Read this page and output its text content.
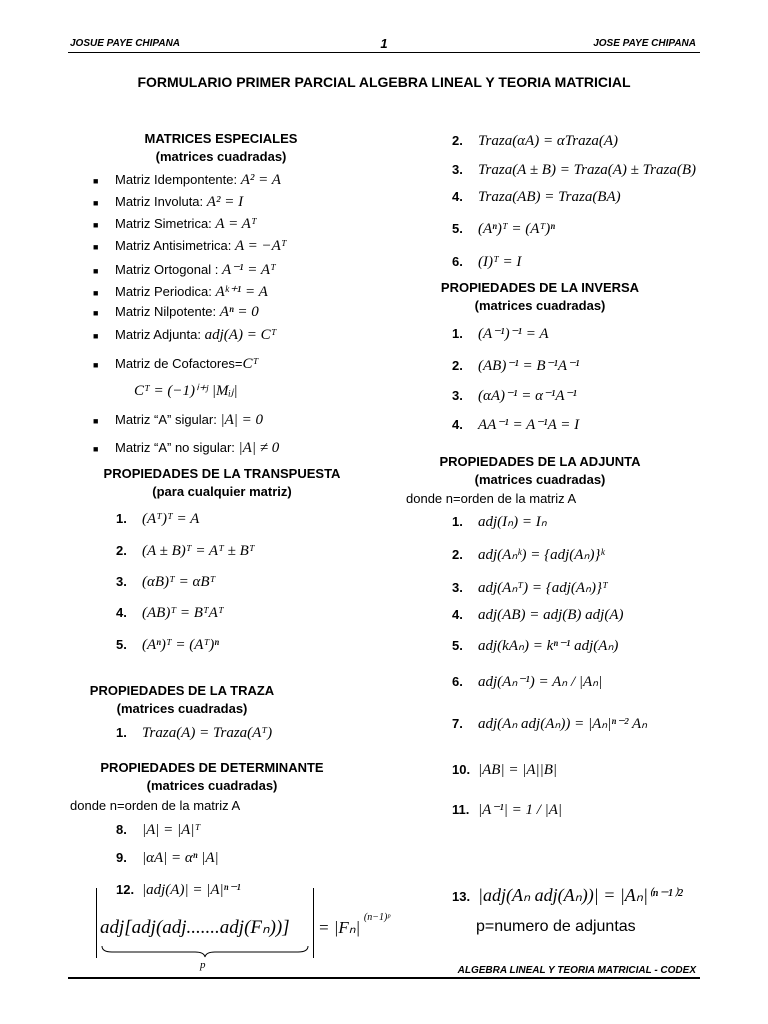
JOSUE PAYE CHIPANA	1	JOSE PAYE CHIPANA
FORMULARIO PRIMER PARCIAL ALGEBRA LINEAL Y TEORIA MATRICIAL
MATRICES ESPECIALES
(matrices cuadradas)
■ Matriz Idempontente: A² = A
■ Matriz Involuta: A² = I
■ Matriz Simetrica: A = Aᵀ
■ Matriz Antisimetrica: A = −Aᵀ
■ Matriz Ortogonal : A⁻¹ = Aᵀ
■ Matriz Periodica: Aᵏ⁺¹ = A
■ Matriz Nilpotente: Aⁿ = 0
■ Matriz Adjunta: adj(A) = Cᵀ
■ Matriz de Cofactores=Cᵀ
Cᵀ = (−1)ⁱ⁺ʲ |Mᵢⱼ|
■ Matriz “A” sigular: |A| = 0
■ Matriz “A” no sigular: |A| ≠ 0
PROPIEDADES DE LA TRANSPUESTA
(para cualquier matriz)
1. (Aᵀ)ᵀ = A
2. (A ± B)ᵀ = Aᵀ ± Bᵀ
3. (αB)ᵀ = αBᵀ
4. (AB)ᵀ = BᵀAᵀ
5. (Aⁿ)ᵀ = (Aᵀ)ⁿ
PROPIEDADES DE LA TRAZA
(matrices cuadradas)
1. Traza(A) = Traza(Aᵀ)
PROPIEDADES DE DETERMINANTE
(matrices cuadradas)
donde n=orden de la matriz A
8. |A| = |A|ᵀ
9. |αA| = αⁿ |A|
12. |adj(A)| = |A|ⁿ⁻¹
adj[adj(adj.......adj(Fₙ))] = |Fₙ| $^{(n-1)ᵖ}$
p
2. Traza(αA) = αTraza(A)
3. Traza(A ± B) = Traza(A) ± Traza(B)
4. Traza(AB) = Traza(BA)
5. (Aⁿ)ᵀ = (Aᵀ)ⁿ
6. (I)ᵀ = I
PROPIEDADES DE LA INVERSA
(matrices cuadradas)
1. (A⁻¹)⁻¹ = A
2. (AB)⁻¹ = B⁻¹A⁻¹
3. (αA)⁻¹ = α⁻¹A⁻¹
4. AA⁻¹ = A⁻¹A = I
PROPIEDADES DE LA ADJUNTA
(matrices cuadradas)
donde n=orden de la matriz A
1. adj(Iₙ) = Iₙ
2. adj(Aₙᵏ) = {adj(Aₙ)}ᵏ
3. adj(Aₙᵀ) = {adj(Aₙ)}ᵀ
4. adj(AB) = adj(B) adj(A)
5. adj(kAₙ) = kⁿ⁻¹ adj(Aₙ)
6. adj(Aₙ⁻¹) = Aₙ / |Aₙ|
7. adj(Aₙ adj(Aₙ)) = |Aₙ|ⁿ⁻² Aₙ
10. |AB| = |A||B|
11. |A⁻¹| = 1 / |A|
13. |adj(Aₙ adj(Aₙ))| = |Aₙ|⁽ⁿ⁻¹⁾²
p=numero de adjuntas
ALGEBRA LINEAL Y TEORIA MATRICIAL - CODEX
